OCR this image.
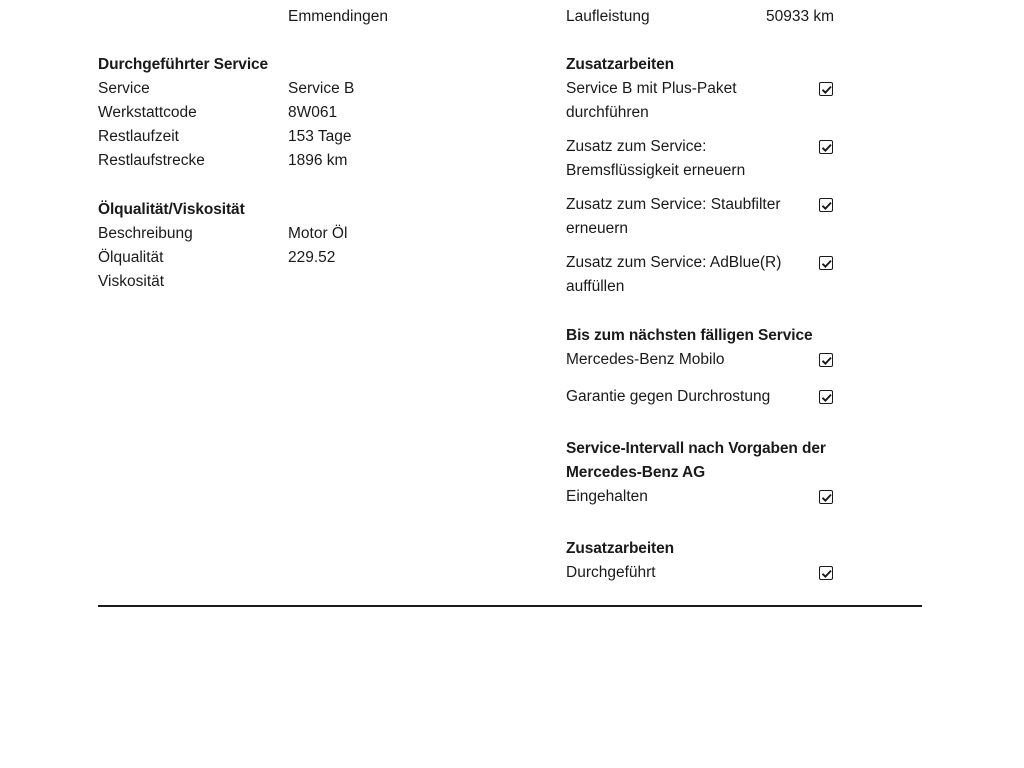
Emmendingen	Laufleistung	50933 km
Durchgeführter Service
Service	Service B
Werkstattcode	8W061
Restlaufzeit	153 Tage
Restlaufstrecke	1896 km
Ölqualität/Viskosität
Beschreibung	Motor Öl
Ölqualität	229.52
Viskosität
Zusatzarbeiten
Service B mit Plus-Paket
durchführen
Zusatz zum Service:
Bremsflüssigkeit erneuern
Zusatz zum Service: Staubfilter
erneuern
Zusatz zum Service: AdBlue(R)
auffüllen
Bis zum nächsten fälligen Service
Mercedes-Benz Mobilo
Garantie gegen Durchrostung
Service-Intervall nach Vorgaben der
Mercedes-Benz AG
Eingehalten
Zusatzarbeiten
Durchgeführt
